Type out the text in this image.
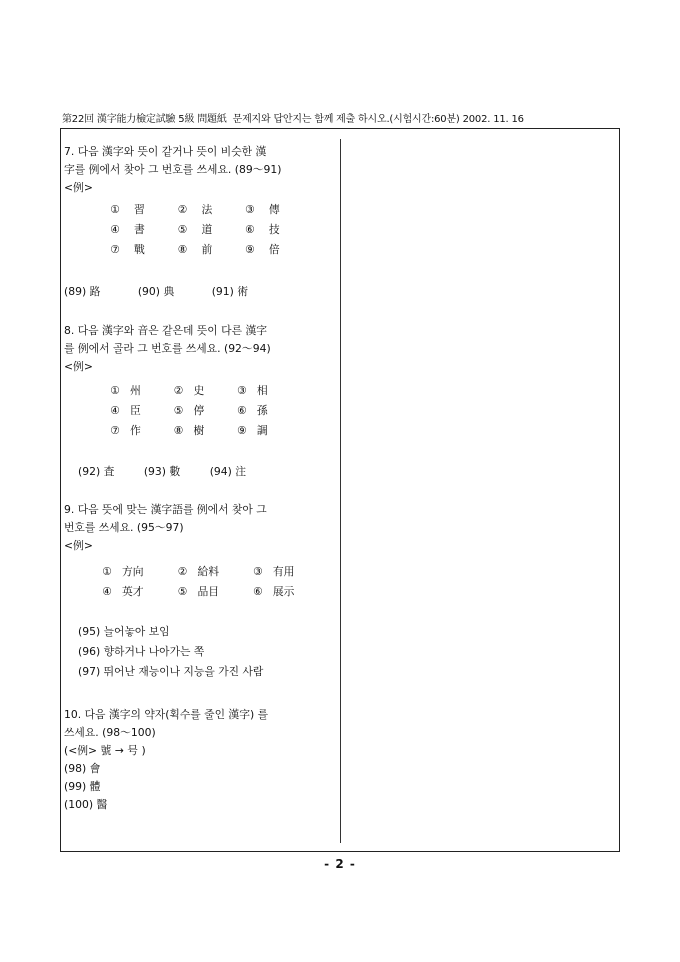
第22回 漢字能力檢定試驗 5級 問題紙 문제지와 답안지는 함께 제출 하시오.(시험시간:60분) 2002. 11. 16

7. 다음 漢字와 뜻이 같거나 뜻이 비슷한 漢

字를 例에서 찾아 그 번호를 쓰세요. (89～91)

<例>

① 習	② 法	③ 傳
④ 書	⑤ 道	⑥ 技
⑦ 戰	⑧ 前	⑨ 倍
(89) 路	(90) 典	(91) 術

8. 다음 漢字와 音은 같은데 뜻이 다른 漢字

를 例에서 골라 그 번호를 쓰세요. (92～94)

<例>

① 州	② 史	③ 相
④ 臣	⑤ 停	⑥ 孫
⑦ 作	⑧ 樹	⑨ 調
(92) 査	(93) 數	(94) 注

9. 다음 뜻에 맞는 漢字語를 例에서 찾아 그

번호를 쓰세요. (95～97)

<例>

① 方向	② 給料	③ 有用
④ 英才	⑤ 品目	⑥ 展示
(95) 늘어놓아 보임
(96) 향하거나 나아가는 쪽
(97) 뛰어난 재능이나 지능을 가진 사람

10. 다음 漢字의 약자(획수를 줄인 漢字) 를

쓰세요. (98～100)

(<例> 號 → 号 )

(98) 會

(99) 體

(100) 醫

- 2 -
